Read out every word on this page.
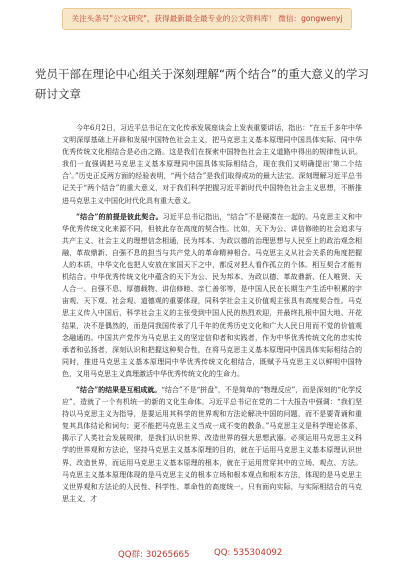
关注头条号"公文研究"，获得最新最全最专业的公文资料库！ 微信：gongwenyj
党员干部在理论中心组关于深刻理解“两个结合”的重大意义的学习研讨文章

今年6月2日，习近平总书记在文化传承发展座谈会上发表重要讲话，指出：“在五千多年中华文明深厚基础上开辟和发展中国特色社会主义，把马克思主义基本原理同中国具体实际、同中华优秀传统文化相结合是必由之路。这是我们在探索中国特色社会主义道路中得出的规律性认识。我们一直强调把马克思主义基本原理同中国具体实际相结合，现在我们又明确提出‘第二个结合’。”历史正反两方面的经验表明，“两个结合”是我们取得成功的最大法宝。深刻理解习近平总书记关于“两个结合”的重大意义，对于我们科学把握习近平新时代中国特色社会主义思想，不断推进马克思主义中国化时代化具有重大意义。

“结合”的前提是彼此契合。习近平总书记指出，“结合”不是硬凑在一起的。马克思主义和中华优秀传统文化来源不同，但彼此存在高度的契合性。比如，天下为公、讲信修睦的社会追求与共产主义、社会主义的理想信念相通，民为邦本、为政以德的治理思想与人民至上的政治观念相融，革故鼎新、自强不息的担当与共产党人的革命精神相合。马克思主义从社会关系的角度把握人的本质，中华文化也把人安放在家国天下之中，都反对把人看作孤立的个体。相互契合才能有机结合。中华优秀传统文化中蕴含的天下为公、民为邦本、为政以德、革故鼎新、任人唯贤、天人合一、自强不息、厚德载物、讲信修睦、亲仁善邻等，是中国人民在长期生产生活中积累的宇宙观、天下观、社会观、道德观的重要体现，同科学社会主义价值观主张具有高度契合性。马克思主义传入中国后，科学社会主义的主张受到中国人民的热烈欢迎，并最终扎根中国大地、开花结果，决不是偶然的，而是同我国传承了几千年的优秀历史文化和广大人民日用而不觉的价值观念融通的。中国共产党作为马克思主义的坚定信仰者和实践者，作为中华优秀传统文化的忠实传承者和弘扬者，深刻认识和把握这种契合性，在将马克思主义基本原理同中国具体实际相结合的同时，推进马克思主义基本原理同中华优秀传统文化相结合，既赋予马克思主义以鲜明中国特色，又用马克思主义真理激活中华优秀传统文化的生命力。

“结合”的结果是互相成就。“结合”不是“拼盘”，不是简单的“物理反应”，而是深刻的“化学反应”，造就了一个有机统一的新的文化生命体。习近平总书记在党的二十大报告中强调：“我们坚持以马克思主义为指导，是要运用其科学的世界观和方法论解决中国的问题，而不是要背诵和重复其具体结论和词句；更不能把马克思主义当成一成不变的教条。”马克思主义是科学理论体系，揭示了人类社会发展规律，是我们认识世界、改造世界的强大思想武器。必须运用马克思主义科学的世界观和方法论，坚持马克思主义基本原理的目的，就在于运用马克思主义基本原理认识世界、改造世界，而运用马克思主义基本原理的根本，就在于运用贯穿其中的立场、观点、方法。马克思主义基本原理体现的是马克思主义的根本立场和根本观点和根本方法，体现的是马克思主义世界观和方法论的人民性、科学性、革命性的高度统一。只有面向实际，与实际相结合的马克思主义，才

QQ群: 30265665	QQ: 535304092
